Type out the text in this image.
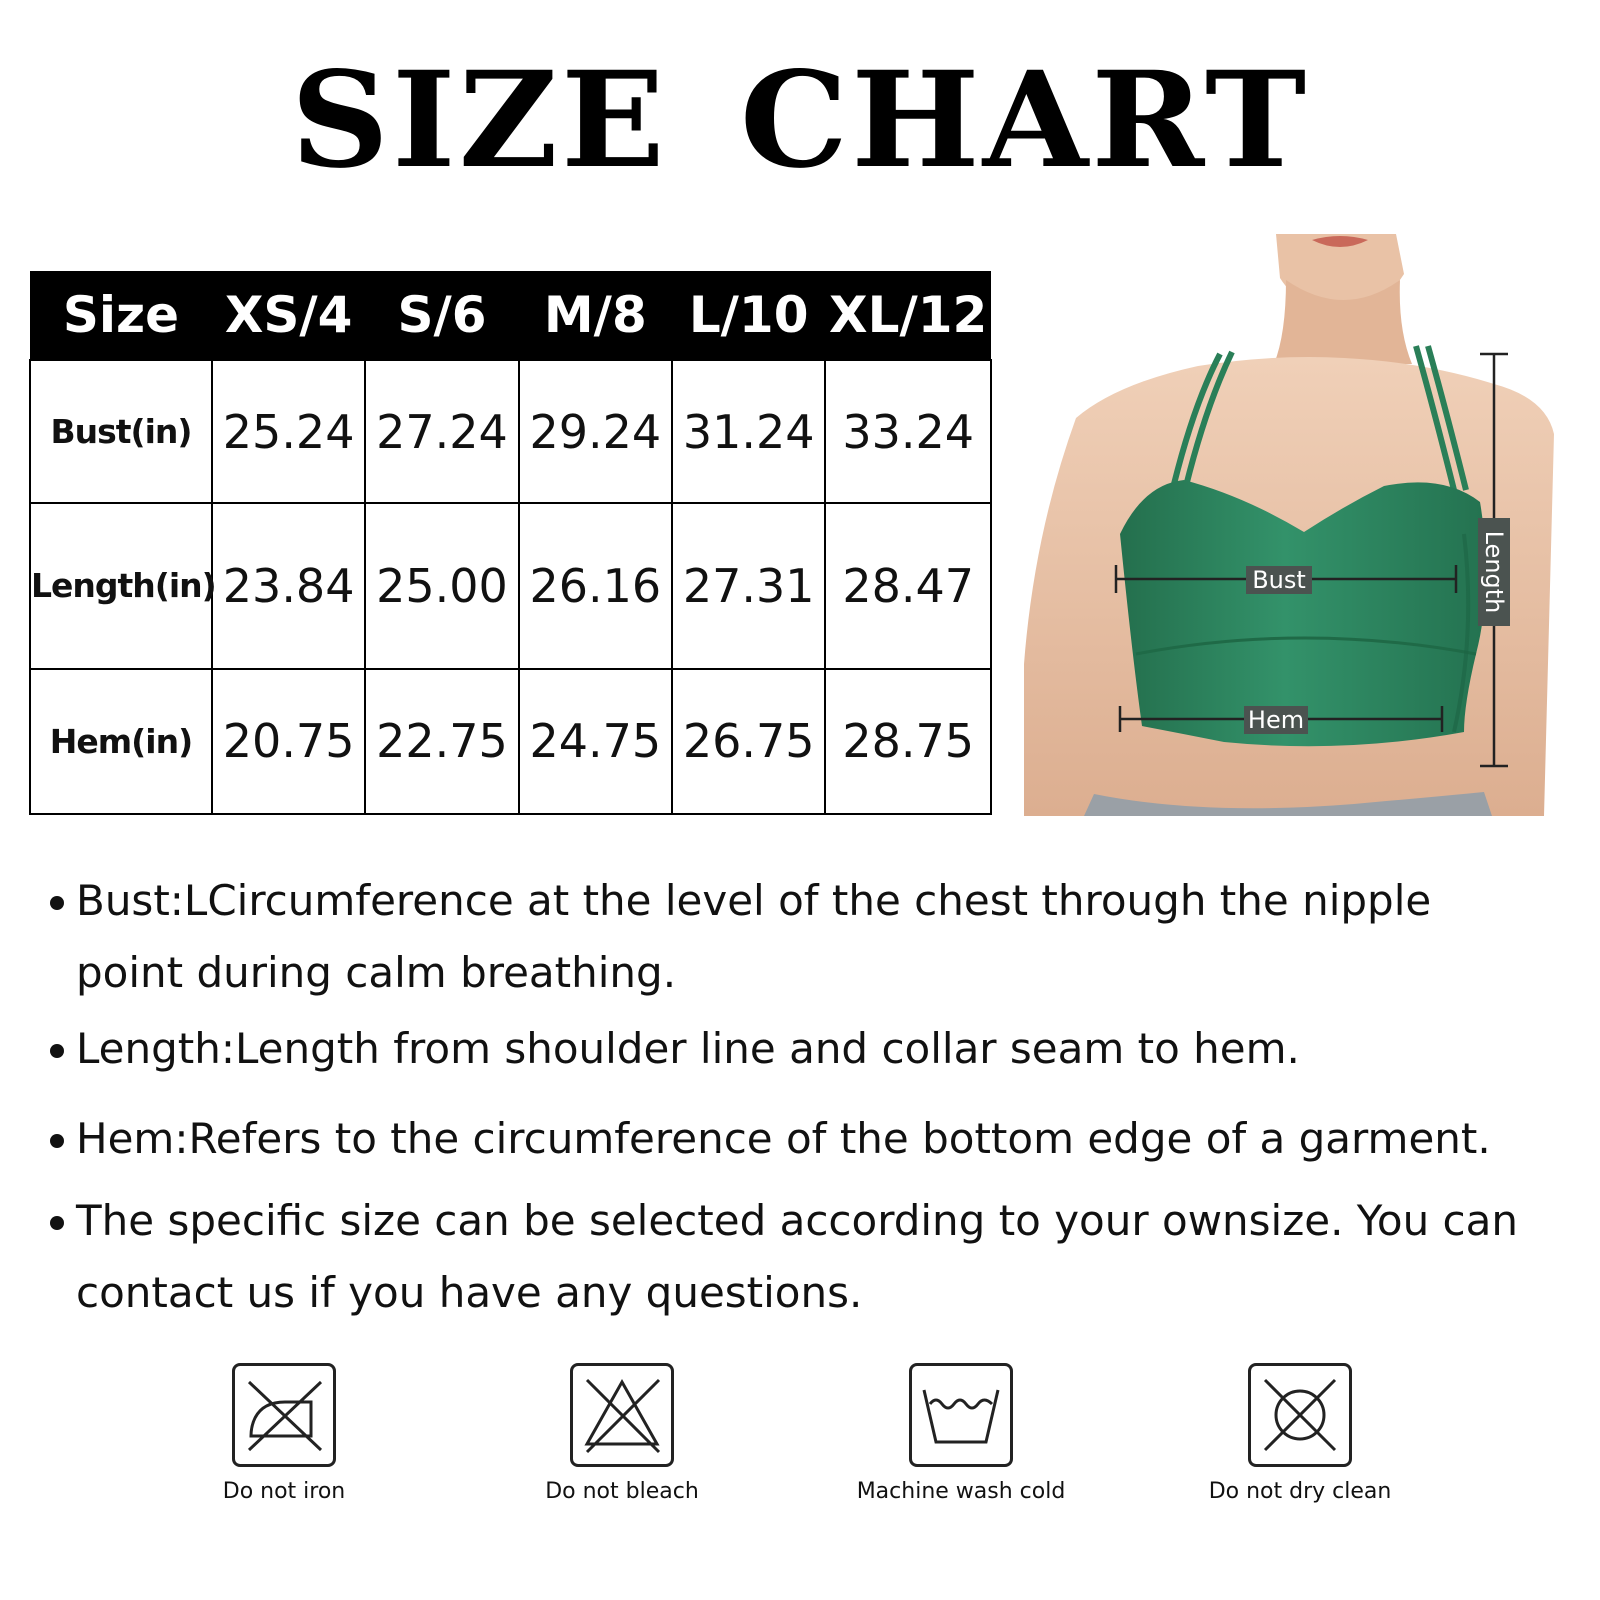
SIZE CHART
Size	XS/4	S/6	M/8	L/10	XL/12
Bust(in)	25.24	27.24	29.24	31.24	33.24
Length(in)	23.84	25.00	26.16	27.31	28.47
Hem(in)	20.75	22.75	24.75	26.75	28.75
Bust
Hem
Length
Bust:LCircumference at the level of the chest through the nipple point during calm breathing.
Length:Length from shoulder line and collar seam to hem.
Hem:Refers to the circumference of the bottom edge of a garment.
The specific size can be selected according to your ownsize. You can contact us if you have any questions.
Do not iron	Do not bleach	Machine wash cold	Do not dry clean
